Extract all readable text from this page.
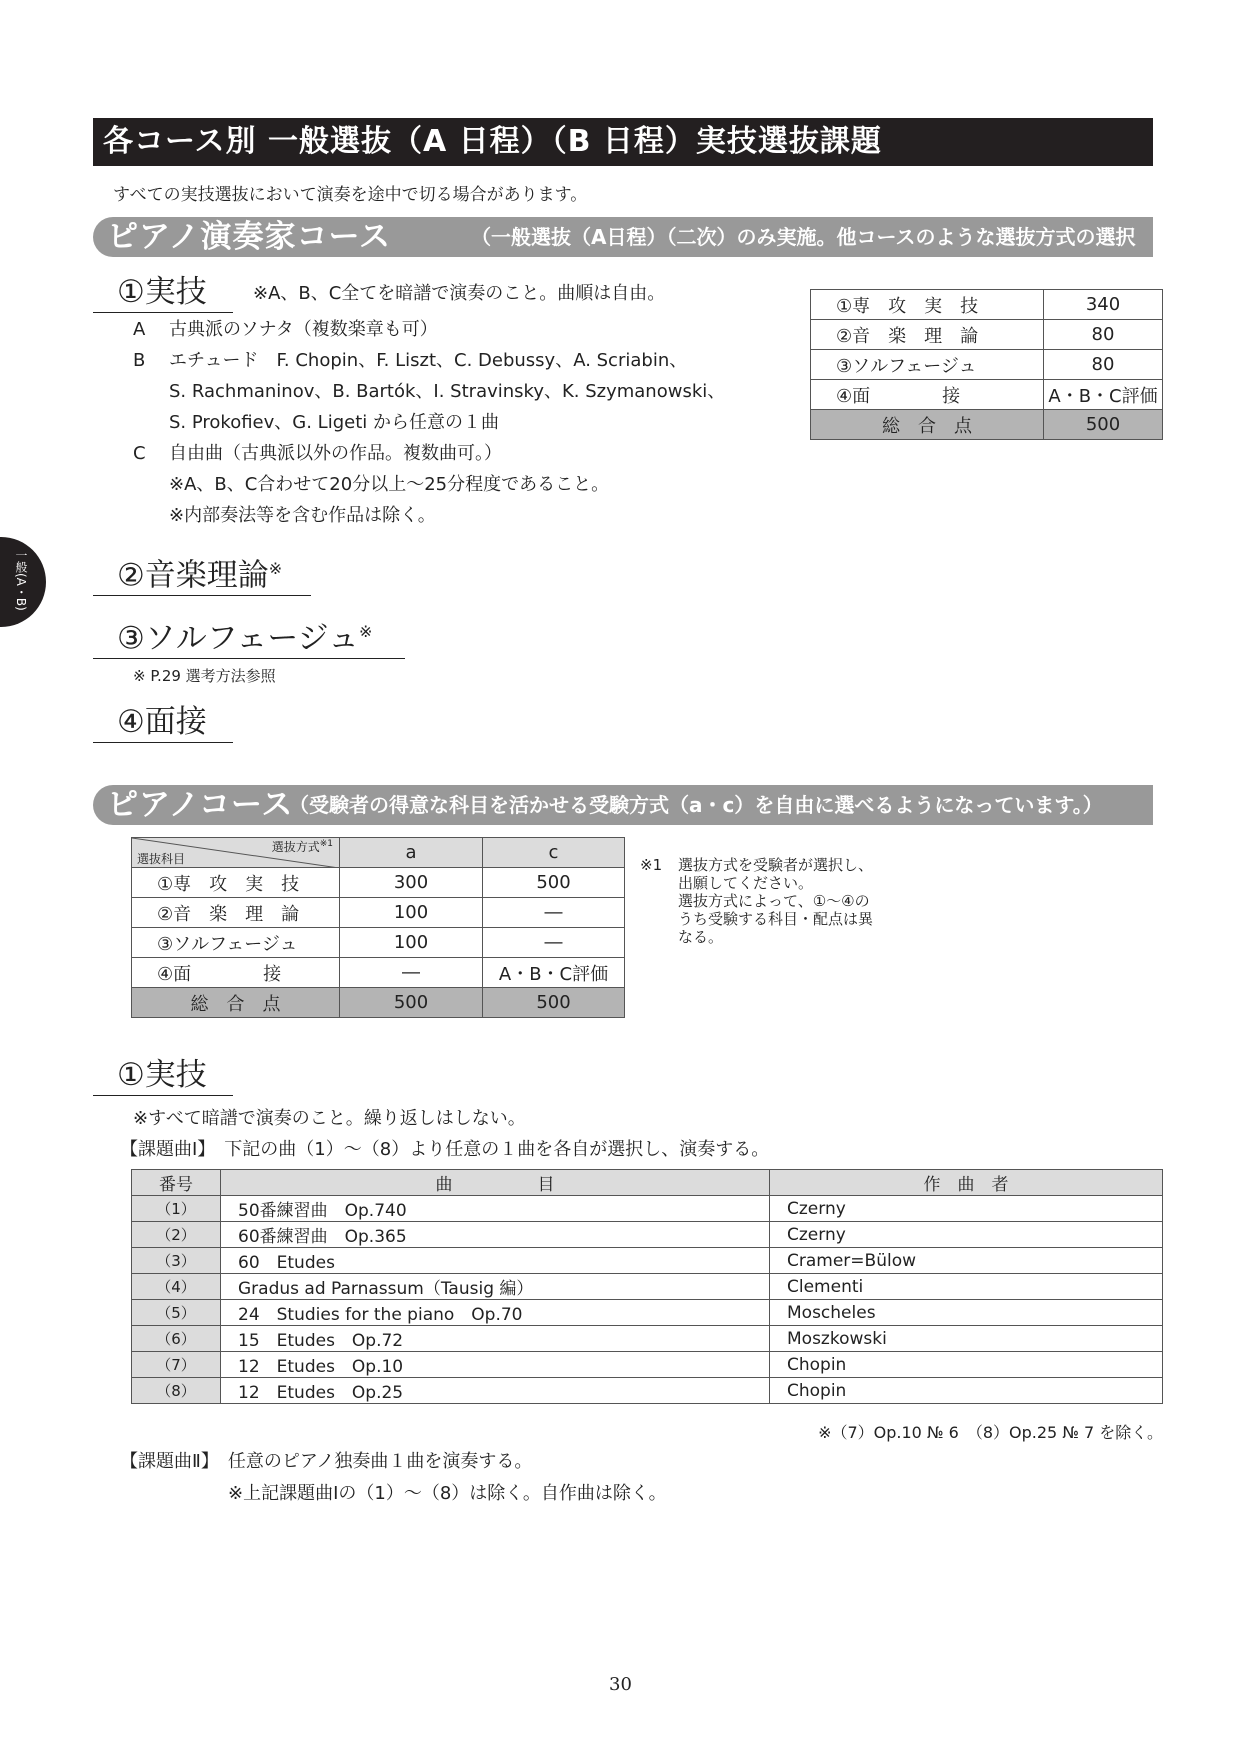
各コース別 一般選抜（A 日程）（B 日程）実技選抜課題
すべての実技選抜において演奏を途中で切る場合があります。
一般(A・B)
ピアノ演奏家コース	（一般選抜（A日程）（二次）のみ実施。他コースのような選抜方式の選択はありません。）
①実技	※A、B、C全てを暗譜で演奏のこと。曲順は自由。
A 古典派のソナタ（複数楽章も可）
B エチュード　F. Chopin、F. Liszt、C. Debussy、A. Scriabin、
S. Rachmaninov、B. Bartók、I. Stravinsky、K. Szymanowski、
S. Prokofiev、G. Ligeti から任意の１曲
C 自由曲（古典派以外の作品。複数曲可。）
※A、B、C合わせて20分以上～25分程度であること。
※内部奏法等を含む作品は除く。
①専　攻　実　技	340
②音　楽　理　論	80
③ソルフェージュ	80
④面　　　　接	A・B・C評価
総　合　点	500
②音楽理論※
③ソルフェージュ※
※ P.29 選考方法参照
④面接
ピアノコース
（受験者の得意な科目を活かせる受験方式（a・c）を自由に選べるようになっています。）
選抜方式$^{※1}$
選抜科目	a	c
①専　攻　実　技	300	500
②音　楽　理　論	100	―
③ソルフェージュ	100	―
④面　　　　接	―	A・B・C評価
総　合　点	500	500
※1 選抜方式を受験者が選択し、
出願してください。
選抜方式によって、①～④の
うち受験する科目・配点は異
なる。
①実技
※すべて暗譜で演奏のこと。繰り返しはしない。
【課題曲Ⅰ】　下記の曲（1）～（8）より任意の１曲を各自が選択し、演奏する。
番号	曲　　　　　目	作　曲　者
（1）	50番練習曲　Op.740	Czerny
（2）	60番練習曲　Op.365	Czerny
（3）	60　Etudes	Cramer=Bülow
（4）	Gradus ad Parnassum（Tausig 編）	Clementi
（5）	24　Studies for the piano　Op.70	Moscheles
（6）	15　Etudes　Op.72	Moszkowski
（7）	12　Etudes　Op.10	Chopin
（8）	12　Etudes　Op.25	Chopin
※（7）Op.10 № 6　（8）Op.25 № 7 を除く。
【課題曲Ⅱ】　任意のピアノ独奏曲１曲を演奏する。
※上記課題曲Ⅰの（1）～（8）は除く。自作曲は除く。
30
